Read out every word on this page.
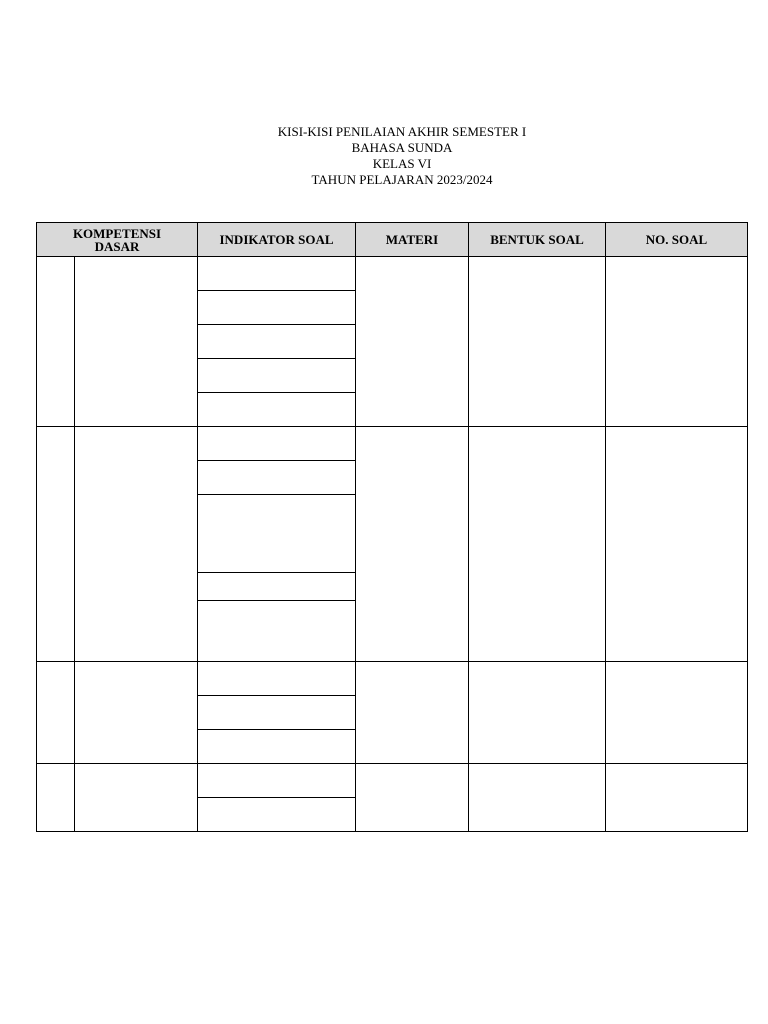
KISI-KISI PENILAIAN AKHIR SEMESTER I
BAHASA SUNDA
KELAS VI
TAHUN PELAJARAN 2023/2024
KOMPETENSI
DASAR		INDIKATOR SOAL	MATERI	BENTUK SOAL	NO. SOAL
